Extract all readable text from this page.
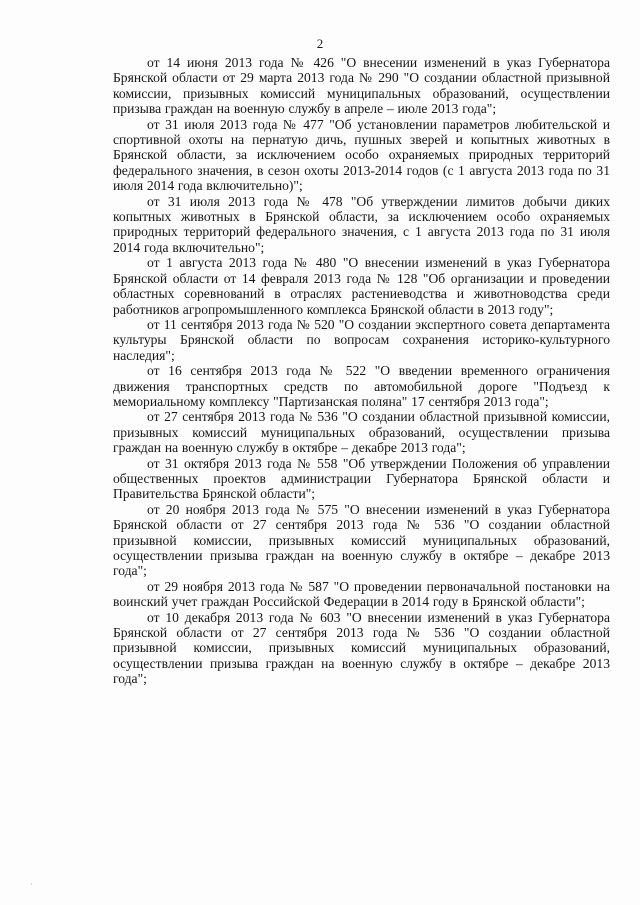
2

от 14 июня 2013 года № 426 "О внесении изменений в указ Губернатора Брянской области от 29 марта 2013 года № 290 "О создании областной призывной комиссии, призывных комиссий муниципальных образований, осуществлении призыва граждан на военную службу в апреле – июле 2013 года";

от 31 июля 2013 года № 477 "Об установлении параметров любительской и спортивной охоты на пернатую дичь, пушных зверей и копытных животных в Брянской области, за исключением особо охраняемых природных территорий федерального значения, в сезон охоты 2013-2014 годов (с 1 августа 2013 года по 31 июля 2014 года включительно)";

от 31 июля 2013 года № 478 "Об утверждении лимитов добычи диких копытных животных в Брянской области, за исключением особо охраняемых природных территорий федерального значения, с 1 августа 2013 года по 31 июля 2014 года включительно";

от 1 августа 2013 года № 480 "О внесении изменений в указ Губернатора Брянской области от 14 февраля 2013 года № 128 "Об организации и проведении областных соревнований в отраслях растениеводства и животноводства среди работников агропромышленного комплекса Брянской области в 2013 году";

от 11 сентября 2013 года № 520 "О создании экспертного совета департамента культуры Брянской области по вопросам сохранения историко-культурного наследия";

от 16 сентября 2013 года № 522 "О введении временного ограничения движения транспортных средств по автомобильной дороге "Подъезд к мемориальному комплексу "Партизанская поляна" 17 сентября 2013 года";

от 27 сентября 2013 года № 536 "О создании областной призывной комиссии, призывных комиссий муниципальных образований, осуществлении призыва граждан на военную службу в октябре – декабре 2013 года";

от 31 октября 2013 года № 558 "Об утверждении Положения об управлении общественных проектов администрации Губернатора Брянской области и Правительства Брянской области";

от 20 ноября 2013 года № 575 "О внесении изменений в указ Губернатора Брянской области от 27 сентября 2013 года № 536 "О создании областной призывной комиссии, призывных комиссий муниципальных образований, осуществлении призыва граждан на военную службу в октябре – декабре 2013 года";

от 29 ноября 2013 года № 587 "О проведении первоначальной постановки на воинский учет граждан Российской Федерации в 2014 году в Брянской области";

от 10 декабря 2013 года № 603 "О внесении изменений в указ Губернатора Брянской области от 27 сентября 2013 года № 536 "О создании областной призывной комиссии, призывных комиссий муниципальных образований, осуществлении призыва граждан на военную службу в октябре – декабре 2013 года";

·
